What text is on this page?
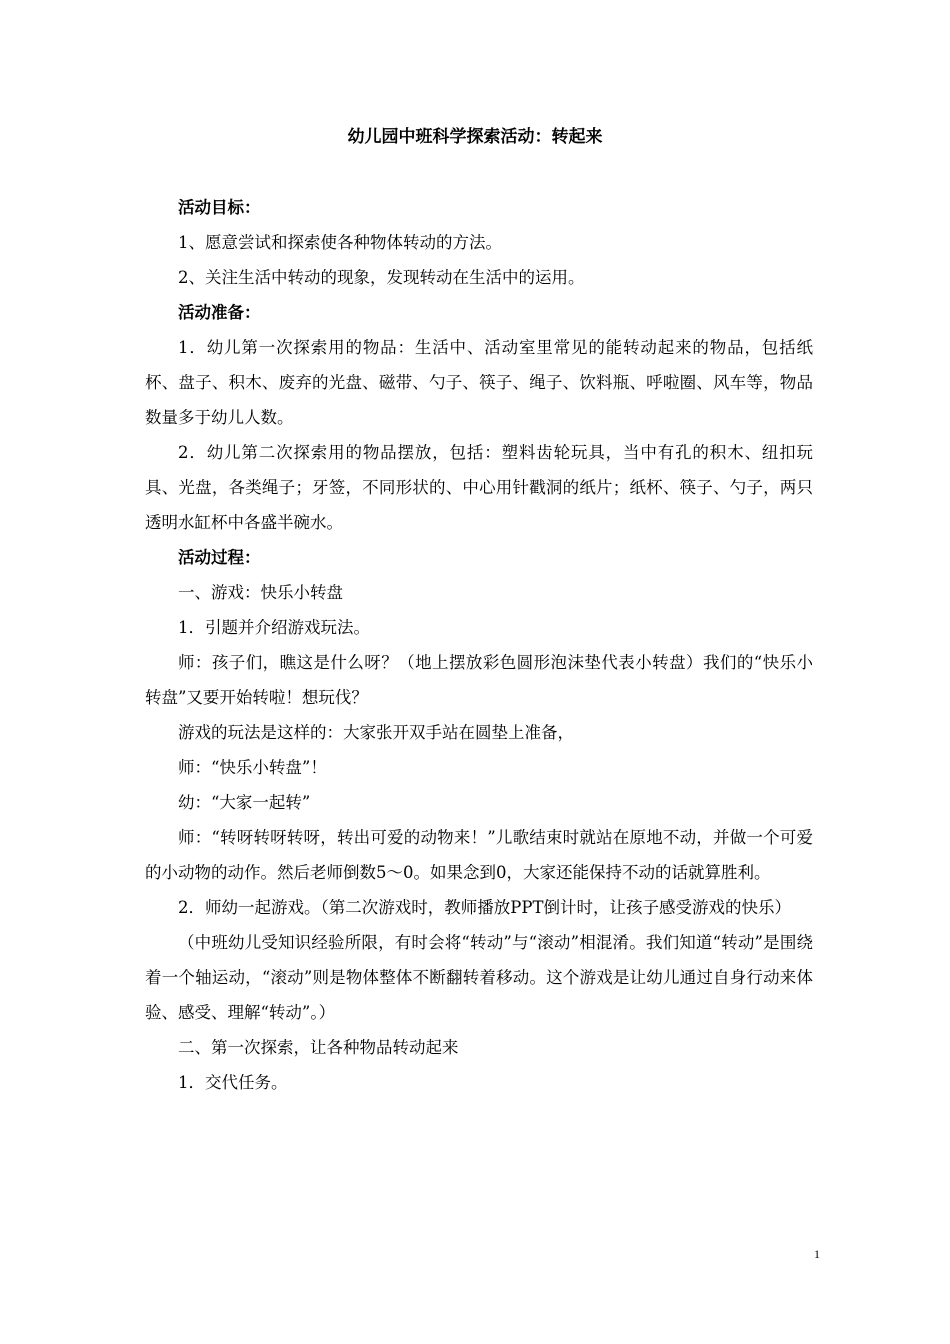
幼儿园中班科学探索活动：转起来

活动目标：

1、愿意尝试和探索使各种物体转动的方法。

2、关注生活中转动的现象，发现转动在生活中的运用。

活动准备：

1．幼儿第一次探索用的物品：生活中、活动室里常见的能转动起来的物品，包括纸杯、盘子、积木、废弃的光盘、磁带、勺子、筷子、绳子、饮料瓶、呼啦圈、风车等，物品数量多于幼儿人数。

2．幼儿第二次探索用的物品摆放，包括：塑料齿轮玩具，当中有孔的积木、纽扣玩具、光盘，各类绳子；牙签，不同形状的、中心用针戳洞的纸片；纸杯、筷子、勺子，两只透明水缸杯中各盛半碗水。

活动过程：

一、游戏：快乐小转盘

1．引题并介绍游戏玩法。

师：孩子们，瞧这是什么呀？（地上摆放彩色圆形泡沫垫代表小转盘）我们的“快乐小转盘”又要开始转啦！想玩伐？

游戏的玩法是这样的：大家张开双手站在圆垫上准备，

师：“快乐小转盘”！

幼：“大家一起转”

师：“转呀转呀转呀，转出可爱的动物来！”儿歌结束时就站在原地不动，并做一个可爱的小动物的动作。然后老师倒数5～0。如果念到0，大家还能保持不动的话就算胜利。

2．师幼一起游戏。（第二次游戏时，教师播放PPT倒计时，让孩子感受游戏的快乐）

（中班幼儿受知识经验所限，有时会将“转动”与“滚动”相混淆。我们知道“转动”是围绕着一个轴运动，“滚动”则是物体整体不断翻转着移动。这个游戏是让幼儿通过自身行动来体验、感受、理解“转动”。）

二、第一次探索，让各种物品转动起来

1．交代任务。

1
